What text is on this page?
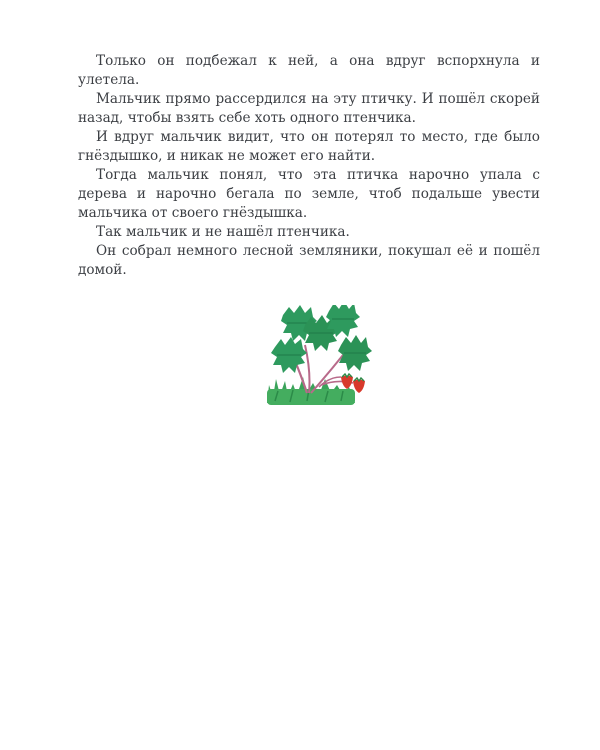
Только он подбежал к ней, а она вдруг вспорхнула и улетела.

Мальчик прямо рассердился на эту птичку. И пошёл скорей назад, чтобы взять себе хоть одного птенчика.

И вдруг мальчик видит, что он потерял то место, где было гнёздышко, и никак не может его найти.

Тогда мальчик понял, что эта птичка нарочно упала с дерева и нарочно бегала по земле, чтоб подальше увести мальчика от своего гнёздышка.

Так мальчик и не нашёл птенчика.

Он собрал немного лесной земляники, покушал её и пошёл домой.
